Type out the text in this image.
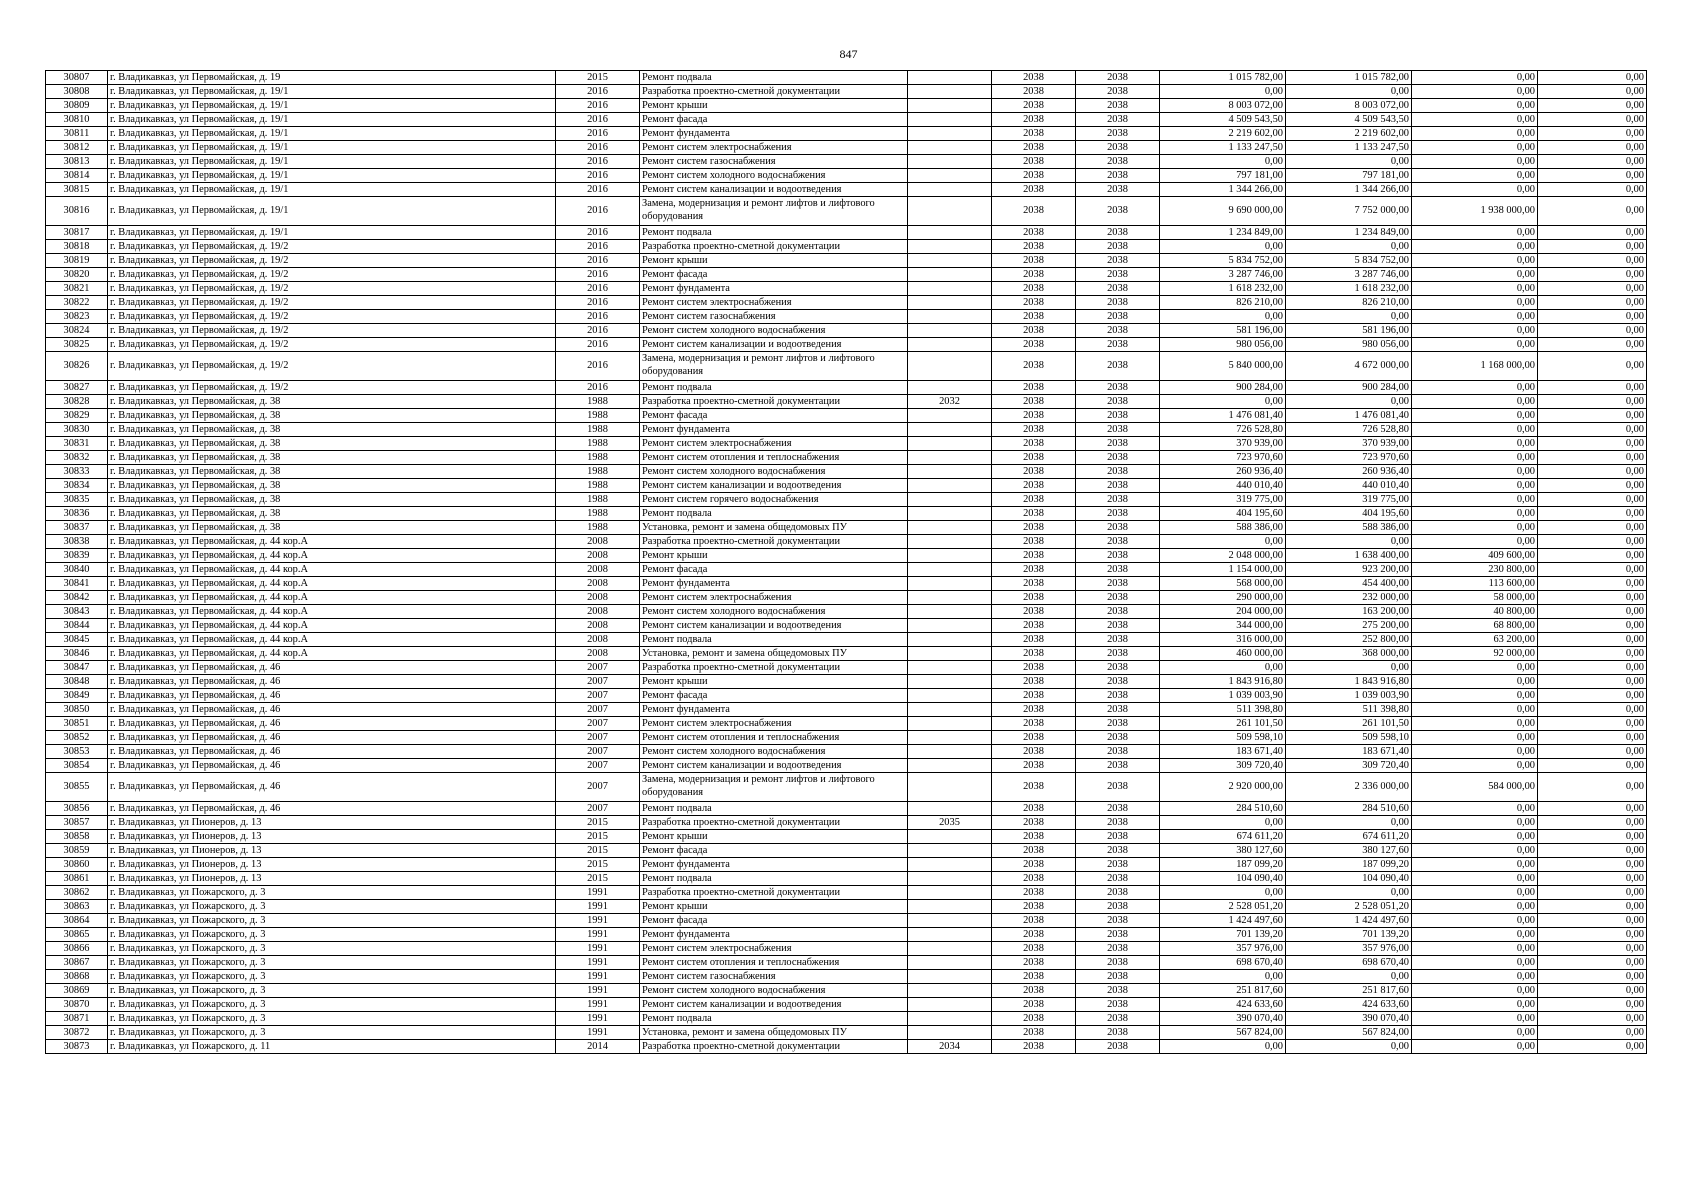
847
30807	г. Владикавказ, ул Первомайская, д. 19	2015	Ремонт подвала		2038	2038	1 015 782,00	1 015 782,00	0,00	0,00
30808	г. Владикавказ, ул Первомайская, д. 19/1	2016	Разработка проектно-сметной документации		2038	2038	0,00	0,00	0,00	0,00
30809	г. Владикавказ, ул Первомайская, д. 19/1	2016	Ремонт крыши		2038	2038	8 003 072,00	8 003 072,00	0,00	0,00
30810	г. Владикавказ, ул Первомайская, д. 19/1	2016	Ремонт фасада		2038	2038	4 509 543,50	4 509 543,50	0,00	0,00
30811	г. Владикавказ, ул Первомайская, д. 19/1	2016	Ремонт фундамента		2038	2038	2 219 602,00	2 219 602,00	0,00	0,00
30812	г. Владикавказ, ул Первомайская, д. 19/1	2016	Ремонт систем электроснабжения		2038	2038	1 133 247,50	1 133 247,50	0,00	0,00
30813	г. Владикавказ, ул Первомайская, д. 19/1	2016	Ремонт систем газоснабжения		2038	2038	0,00	0,00	0,00	0,00
30814	г. Владикавказ, ул Первомайская, д. 19/1	2016	Ремонт систем холодного водоснабжения		2038	2038	797 181,00	797 181,00	0,00	0,00
30815	г. Владикавказ, ул Первомайская, д. 19/1	2016	Ремонт систем канализации и водоотведения		2038	2038	1 344 266,00	1 344 266,00	0,00	0,00
30816	г. Владикавказ, ул Первомайская, д. 19/1	2016	Замена, модернизация и ремонт лифтов и лифтового оборудования		2038	2038	9 690 000,00	7 752 000,00	1 938 000,00	0,00
30817	г. Владикавказ, ул Первомайская, д. 19/1	2016	Ремонт подвала		2038	2038	1 234 849,00	1 234 849,00	0,00	0,00
30818	г. Владикавказ, ул Первомайская, д. 19/2	2016	Разработка проектно-сметной документации		2038	2038	0,00	0,00	0,00	0,00
30819	г. Владикавказ, ул Первомайская, д. 19/2	2016	Ремонт крыши		2038	2038	5 834 752,00	5 834 752,00	0,00	0,00
30820	г. Владикавказ, ул Первомайская, д. 19/2	2016	Ремонт фасада		2038	2038	3 287 746,00	3 287 746,00	0,00	0,00
30821	г. Владикавказ, ул Первомайская, д. 19/2	2016	Ремонт фундамента		2038	2038	1 618 232,00	1 618 232,00	0,00	0,00
30822	г. Владикавказ, ул Первомайская, д. 19/2	2016	Ремонт систем электроснабжения		2038	2038	826 210,00	826 210,00	0,00	0,00
30823	г. Владикавказ, ул Первомайская, д. 19/2	2016	Ремонт систем газоснабжения		2038	2038	0,00	0,00	0,00	0,00
30824	г. Владикавказ, ул Первомайская, д. 19/2	2016	Ремонт систем холодного водоснабжения		2038	2038	581 196,00	581 196,00	0,00	0,00
30825	г. Владикавказ, ул Первомайская, д. 19/2	2016	Ремонт систем канализации и водоотведения		2038	2038	980 056,00	980 056,00	0,00	0,00
30826	г. Владикавказ, ул Первомайская, д. 19/2	2016	Замена, модернизация и ремонт лифтов и лифтового оборудования		2038	2038	5 840 000,00	4 672 000,00	1 168 000,00	0,00
30827	г. Владикавказ, ул Первомайская, д. 19/2	2016	Ремонт подвала		2038	2038	900 284,00	900 284,00	0,00	0,00
30828	г. Владикавказ, ул Первомайская, д. 38	1988	Разработка проектно-сметной документации	2032	2038	2038	0,00	0,00	0,00	0,00
30829	г. Владикавказ, ул Первомайская, д. 38	1988	Ремонт фасада		2038	2038	1 476 081,40	1 476 081,40	0,00	0,00
30830	г. Владикавказ, ул Первомайская, д. 38	1988	Ремонт фундамента		2038	2038	726 528,80	726 528,80	0,00	0,00
30831	г. Владикавказ, ул Первомайская, д. 38	1988	Ремонт систем электроснабжения		2038	2038	370 939,00	370 939,00	0,00	0,00
30832	г. Владикавказ, ул Первомайская, д. 38	1988	Ремонт систем отопления и теплоснабжения		2038	2038	723 970,60	723 970,60	0,00	0,00
30833	г. Владикавказ, ул Первомайская, д. 38	1988	Ремонт систем холодного водоснабжения		2038	2038	260 936,40	260 936,40	0,00	0,00
30834	г. Владикавказ, ул Первомайская, д. 38	1988	Ремонт систем канализации и водоотведения		2038	2038	440 010,40	440 010,40	0,00	0,00
30835	г. Владикавказ, ул Первомайская, д. 38	1988	Ремонт систем горячего водоснабжения		2038	2038	319 775,00	319 775,00	0,00	0,00
30836	г. Владикавказ, ул Первомайская, д. 38	1988	Ремонт подвала		2038	2038	404 195,60	404 195,60	0,00	0,00
30837	г. Владикавказ, ул Первомайская, д. 38	1988	Установка, ремонт и замена общедомовых ПУ		2038	2038	588 386,00	588 386,00	0,00	0,00
30838	г. Владикавказ, ул Первомайская, д. 44 кор.А	2008	Разработка проектно-сметной документации		2038	2038	0,00	0,00	0,00	0,00
30839	г. Владикавказ, ул Первомайская, д. 44 кор.А	2008	Ремонт крыши		2038	2038	2 048 000,00	1 638 400,00	409 600,00	0,00
30840	г. Владикавказ, ул Первомайская, д. 44 кор.А	2008	Ремонт фасада		2038	2038	1 154 000,00	923 200,00	230 800,00	0,00
30841	г. Владикавказ, ул Первомайская, д. 44 кор.А	2008	Ремонт фундамента		2038	2038	568 000,00	454 400,00	113 600,00	0,00
30842	г. Владикавказ, ул Первомайская, д. 44 кор.А	2008	Ремонт систем электроснабжения		2038	2038	290 000,00	232 000,00	58 000,00	0,00
30843	г. Владикавказ, ул Первомайская, д. 44 кор.А	2008	Ремонт систем холодного водоснабжения		2038	2038	204 000,00	163 200,00	40 800,00	0,00
30844	г. Владикавказ, ул Первомайская, д. 44 кор.А	2008	Ремонт систем канализации и водоотведения		2038	2038	344 000,00	275 200,00	68 800,00	0,00
30845	г. Владикавказ, ул Первомайская, д. 44 кор.А	2008	Ремонт подвала		2038	2038	316 000,00	252 800,00	63 200,00	0,00
30846	г. Владикавказ, ул Первомайская, д. 44 кор.А	2008	Установка, ремонт и замена общедомовых ПУ		2038	2038	460 000,00	368 000,00	92 000,00	0,00
30847	г. Владикавказ, ул Первомайская, д. 46	2007	Разработка проектно-сметной документации		2038	2038	0,00	0,00	0,00	0,00
30848	г. Владикавказ, ул Первомайская, д. 46	2007	Ремонт крыши		2038	2038	1 843 916,80	1 843 916,80	0,00	0,00
30849	г. Владикавказ, ул Первомайская, д. 46	2007	Ремонт фасада		2038	2038	1 039 003,90	1 039 003,90	0,00	0,00
30850	г. Владикавказ, ул Первомайская, д. 46	2007	Ремонт фундамента		2038	2038	511 398,80	511 398,80	0,00	0,00
30851	г. Владикавказ, ул Первомайская, д. 46	2007	Ремонт систем электроснабжения		2038	2038	261 101,50	261 101,50	0,00	0,00
30852	г. Владикавказ, ул Первомайская, д. 46	2007	Ремонт систем отопления и теплоснабжения		2038	2038	509 598,10	509 598,10	0,00	0,00
30853	г. Владикавказ, ул Первомайская, д. 46	2007	Ремонт систем холодного водоснабжения		2038	2038	183 671,40	183 671,40	0,00	0,00
30854	г. Владикавказ, ул Первомайская, д. 46	2007	Ремонт систем канализации и водоотведения		2038	2038	309 720,40	309 720,40	0,00	0,00
30855	г. Владикавказ, ул Первомайская, д. 46	2007	Замена, модернизация и ремонт лифтов и лифтового оборудования		2038	2038	2 920 000,00	2 336 000,00	584 000,00	0,00
30856	г. Владикавказ, ул Первомайская, д. 46	2007	Ремонт подвала		2038	2038	284 510,60	284 510,60	0,00	0,00
30857	г. Владикавказ, ул Пионеров, д. 13	2015	Разработка проектно-сметной документации	2035	2038	2038	0,00	0,00	0,00	0,00
30858	г. Владикавказ, ул Пионеров, д. 13	2015	Ремонт крыши		2038	2038	674 611,20	674 611,20	0,00	0,00
30859	г. Владикавказ, ул Пионеров, д. 13	2015	Ремонт фасада		2038	2038	380 127,60	380 127,60	0,00	0,00
30860	г. Владикавказ, ул Пионеров, д. 13	2015	Ремонт фундамента		2038	2038	187 099,20	187 099,20	0,00	0,00
30861	г. Владикавказ, ул Пионеров, д. 13	2015	Ремонт подвала		2038	2038	104 090,40	104 090,40	0,00	0,00
30862	г. Владикавказ, ул Пожарского, д. 3	1991	Разработка проектно-сметной документации		2038	2038	0,00	0,00	0,00	0,00
30863	г. Владикавказ, ул Пожарского, д. 3	1991	Ремонт крыши		2038	2038	2 528 051,20	2 528 051,20	0,00	0,00
30864	г. Владикавказ, ул Пожарского, д. 3	1991	Ремонт фасада		2038	2038	1 424 497,60	1 424 497,60	0,00	0,00
30865	г. Владикавказ, ул Пожарского, д. 3	1991	Ремонт фундамента		2038	2038	701 139,20	701 139,20	0,00	0,00
30866	г. Владикавказ, ул Пожарского, д. 3	1991	Ремонт систем электроснабжения		2038	2038	357 976,00	357 976,00	0,00	0,00
30867	г. Владикавказ, ул Пожарского, д. 3	1991	Ремонт систем отопления и теплоснабжения		2038	2038	698 670,40	698 670,40	0,00	0,00
30868	г. Владикавказ, ул Пожарского, д. 3	1991	Ремонт систем газоснабжения		2038	2038	0,00	0,00	0,00	0,00
30869	г. Владикавказ, ул Пожарского, д. 3	1991	Ремонт систем холодного водоснабжения		2038	2038	251 817,60	251 817,60	0,00	0,00
30870	г. Владикавказ, ул Пожарского, д. 3	1991	Ремонт систем канализации и водоотведения		2038	2038	424 633,60	424 633,60	0,00	0,00
30871	г. Владикавказ, ул Пожарского, д. 3	1991	Ремонт подвала		2038	2038	390 070,40	390 070,40	0,00	0,00
30872	г. Владикавказ, ул Пожарского, д. 3	1991	Установка, ремонт и замена общедомовых ПУ		2038	2038	567 824,00	567 824,00	0,00	0,00
30873	г. Владикавказ, ул Пожарского, д. 11	2014	Разработка проектно-сметной документации	2034	2038	2038	0,00	0,00	0,00	0,00
